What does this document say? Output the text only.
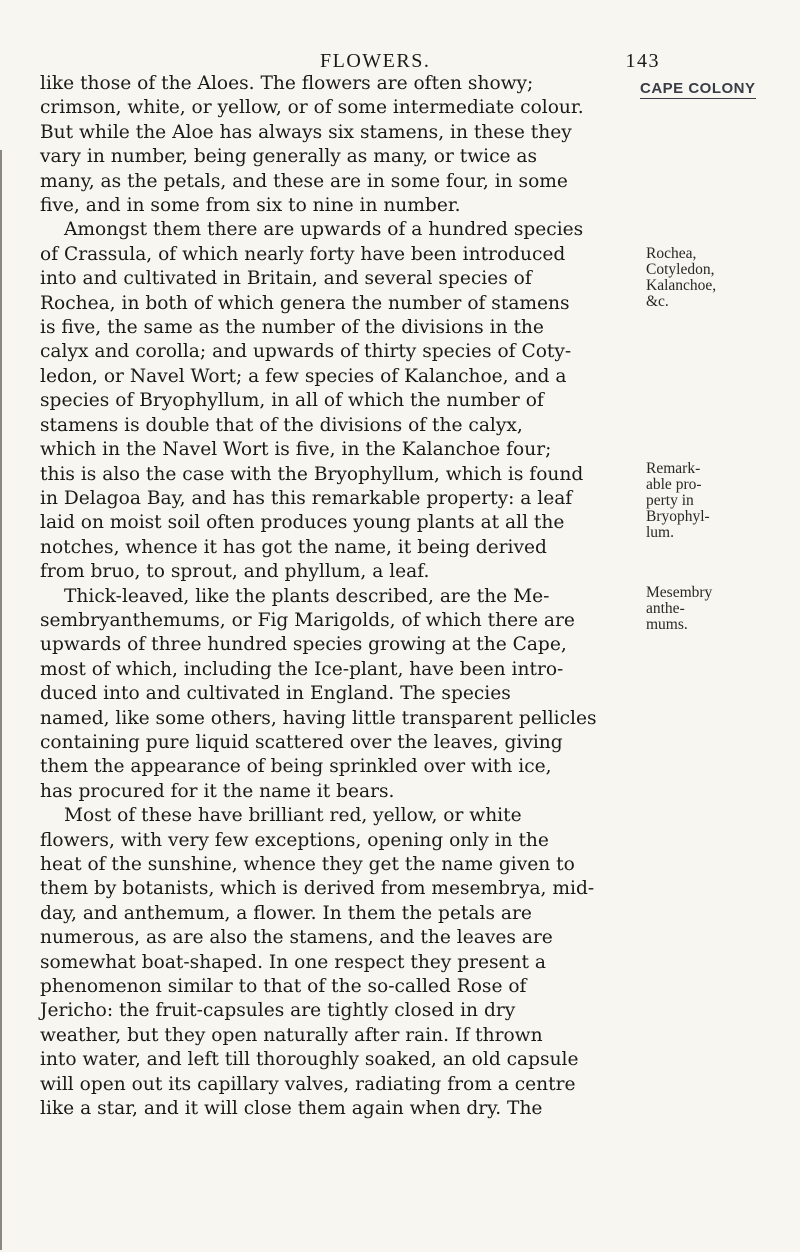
FLOWERS.	143
CAPE COLONY
like those of the Aloes. The flowers are often showy;
crimson, white, or yellow, or of some intermediate colour.
But while the Aloe has always six stamens, in these they
vary in number, being generally as many, or twice as
many, as the petals, and these are in some four, in some
five, and in some from six to nine in number.
Amongst them there are upwards of a hundred species
of Crassula, of which nearly forty have been introduced
into and cultivated in Britain, and several species of
Rochea, in both of which genera the number of stamens
is five, the same as the number of the divisions in the
calyx and corolla; and upwards of thirty species of Coty-
ledon, or Navel Wort; a few species of Kalanchoe, and a
species of Bryophyllum, in all of which the number of
stamens is double that of the divisions of the calyx,
which in the Navel Wort is five, in the Kalanchoe four;
this is also the case with the Bryophyllum, which is found
in Delagoa Bay, and has this remarkable property: a leaf
laid on moist soil often produces young plants at all the
notches, whence it has got the name, it being derived
from bruo, to sprout, and phyllum, a leaf.
Thick-leaved, like the plants described, are the Me-
sembryanthemums, or Fig Marigolds, of which there are
upwards of three hundred species growing at the Cape,
most of which, including the Ice-plant, have been intro-
duced into and cultivated in England. The species
named, like some others, having little transparent pellicles
containing pure liquid scattered over the leaves, giving
them the appearance of being sprinkled over with ice,
has procured for it the name it bears.
Most of these have brilliant red, yellow, or white
flowers, with very few exceptions, opening only in the
heat of the sunshine, whence they get the name given to
them by botanists, which is derived from mesembrya, mid-
day, and anthemum, a flower. In them the petals are
numerous, as are also the stamens, and the leaves are
somewhat boat-shaped. In one respect they present a
phenomenon similar to that of the so-called Rose of
Jericho: the fruit-capsules are tightly closed in dry
weather, but they open naturally after rain. If thrown
into water, and left till thoroughly soaked, an old capsule
will open out its capillary valves, radiating from a centre
like a star, and it will close them again when dry. The
Rochea,
Cotyledon,
Kalanchoe,
&c.
Remark-
able pro-
perty in
Bryophyl-
lum.
Mesembry
anthe-
mums.
